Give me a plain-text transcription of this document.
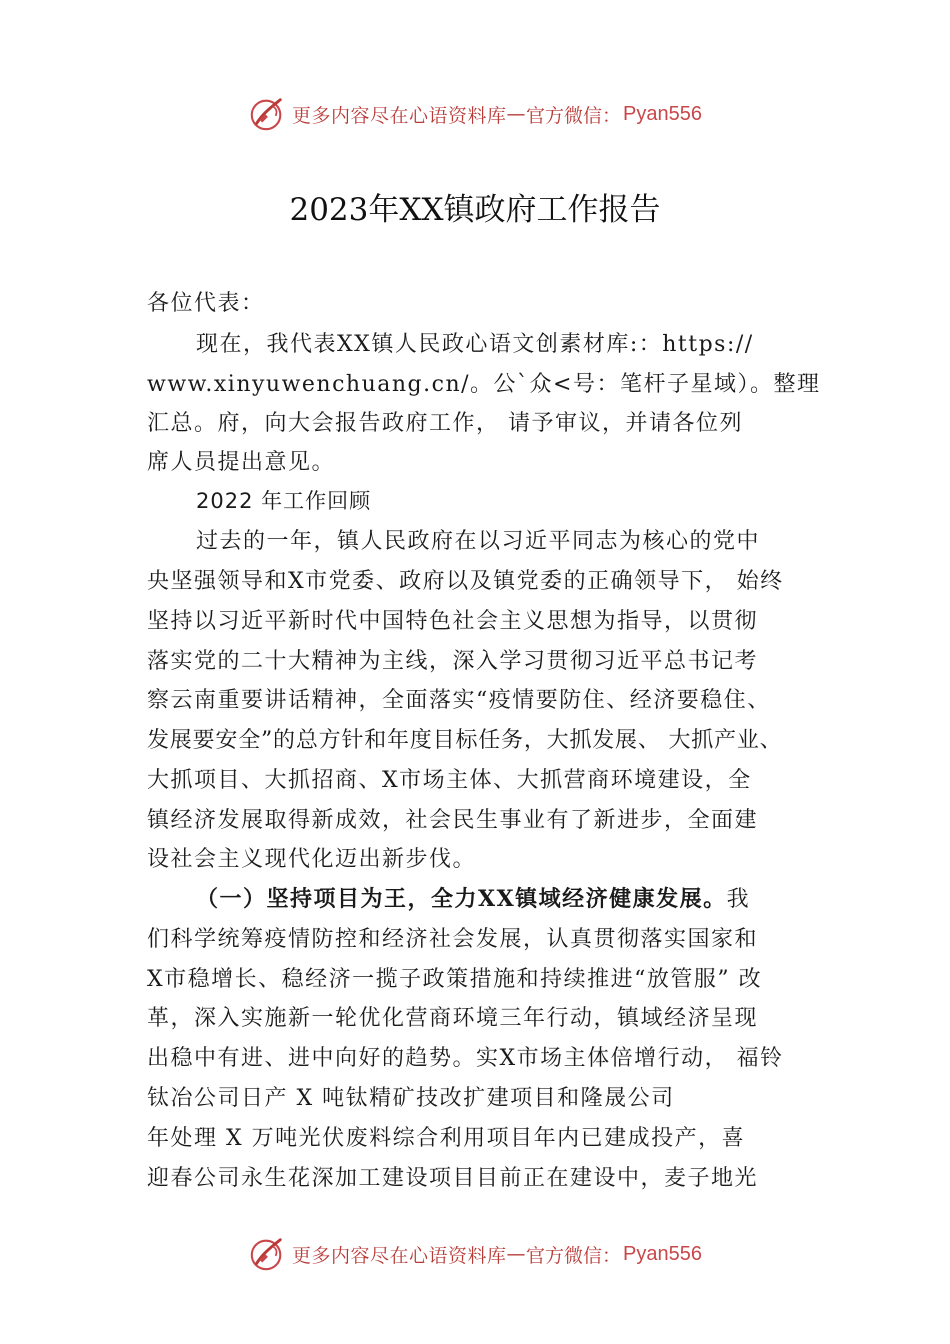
更多内容尽在心语资料库 — 官方微信： Pyan556
2023年XX镇政府工作报告
各位代表：
现在，我代表XX镇人民政心语文创素材库:：https://
www.xinyuwenchuang.cn/。公`众<号：笔杆子星域）。整理
汇总。府，向大会报告政府工作， 请予审议，并请各位列
席人员提出意见。
2022 年工作回顾
过去的一年，镇人民政府在以习近平同志为核心的党中
央坚强领导和X市党委、政府以及镇党委的正确领导下， 始终
坚持以习近平新时代中国特色社会主义思想为指导，以贯彻
落实党的二十大精神为主线，深入学习贯彻习近平总书记考
察云南重要讲话精神，全面落实“疫情要防住、经济要稳住、
发展要安全”的总方针和年度目标任务，大抓发展、 大抓产业、
大抓项目、大抓招商、X市场主体、大抓营商环境建设，全
镇经济发展取得新成效，社会民生事业有了新进步，全面建
设社会主义现代化迈出新步伐。
（一）坚持项目为王，全力XX镇域经济健康发展。我
们科学统筹疫情防控和经济社会发展，认真贯彻落实国家和
X市稳增长、稳经济一揽子政策措施和持续推进“放管服” 改
革，深入实施新一轮优化营商环境三年行动，镇域经济呈现
出稳中有进、进中向好的趋势。实X市场主体倍增行动， 福铃
钛冶公司日产 X 吨钛精矿技改扩建项目和隆晟公司
年处理 X 万吨光伏废料综合利用项目年内已建成投产，喜
迎春公司永生花深加工建设项目目前正在建设中，麦子地光
更多内容尽在心语资料库 — 官方微信： Pyan556
